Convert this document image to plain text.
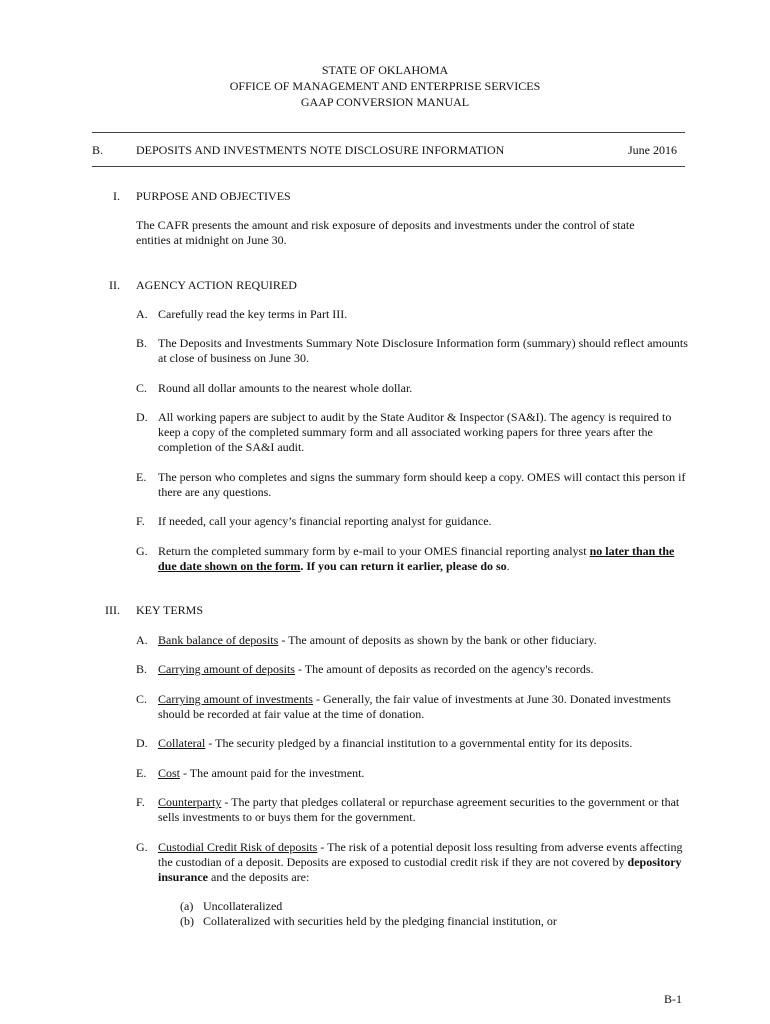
STATE OF OKLAHOMA
OFFICE OF MANAGEMENT AND ENTERPRISE SERVICES
GAAP CONVERSION MANUAL
B.	DEPOSITS AND INVESTMENTS NOTE DISCLOSURE INFORMATION	June 2016
I. PURPOSE AND OBJECTIVES
The CAFR presents the amount and risk exposure of deposits and investments under the control of state entities at midnight on June 30.
II. AGENCY ACTION REQUIRED
A. Carefully read the key terms in Part III.
B. The Deposits and Investments Summary Note Disclosure Information form (summary) should reflect amounts at close of business on June 30.
C. Round all dollar amounts to the nearest whole dollar.
D. All working papers are subject to audit by the State Auditor & Inspector (SA&I). The agency is required to keep a copy of the completed summary form and all associated working papers for three years after the completion of the SA&I audit.
E. The person who completes and signs the summary form should keep a copy. OMES will contact this person if there are any questions.
F. If needed, call your agency’s financial reporting analyst for guidance.
G. Return the completed summary form by e-mail to your OMES financial reporting analyst no later than the due date shown on the form. If you can return it earlier, please do so.
III. KEY TERMS
A. Bank balance of deposits - The amount of deposits as shown by the bank or other fiduciary.
B. Carrying amount of deposits - The amount of deposits as recorded on the agency's records.
C. Carrying amount of investments - Generally, the fair value of investments at June 30. Donated investments should be recorded at fair value at the time of donation.
D. Collateral - The security pledged by a financial institution to a governmental entity for its deposits.
E. Cost - The amount paid for the investment.
F. Counterparty - The party that pledges collateral or repurchase agreement securities to the government or that sells investments to or buys them for the government.
G. Custodial Credit Risk of deposits - The risk of a potential deposit loss resulting from adverse events affecting the custodian of a deposit. Deposits are exposed to custodial credit risk if they are not covered by depository insurance and the deposits are:
(a) Uncollateralized
(b) Collateralized with securities held by the pledging financial institution, or
B-1
